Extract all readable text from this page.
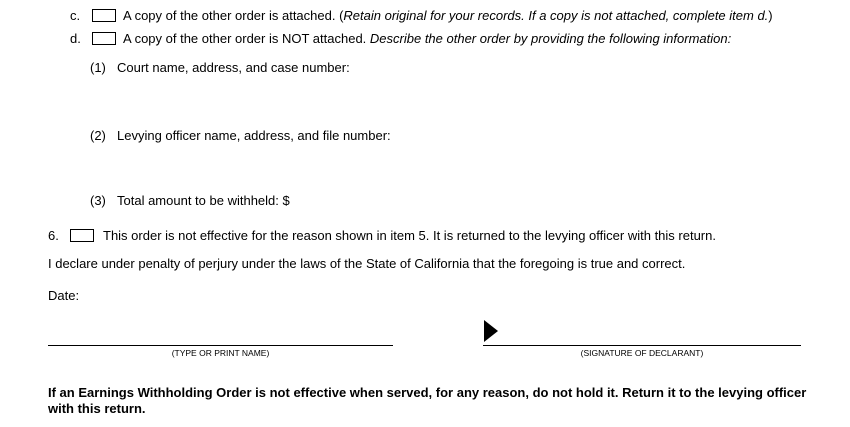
c.	A copy of the other order is attached. (Retain original for your records. If a copy is not attached, complete item d.)
d.	A copy of the other order is NOT attached. Describe the other order by providing the following information:
(1) Court name, address, and case number:
(2) Levying officer name, address, and file number:
(3) Total amount to be withheld: $
6.	This order is not effective for the reason shown in item 5. It is returned to the levying officer with this return.
I declare under penalty of perjury under the laws of the State of California that the foregoing is true and correct.
Date:
(TYPE OR PRINT NAME)	(SIGNATURE OF DECLARANT)
If an Earnings Withholding Order is not effective when served, for any reason, do not hold it. Return it to the levying officer
with this return.
